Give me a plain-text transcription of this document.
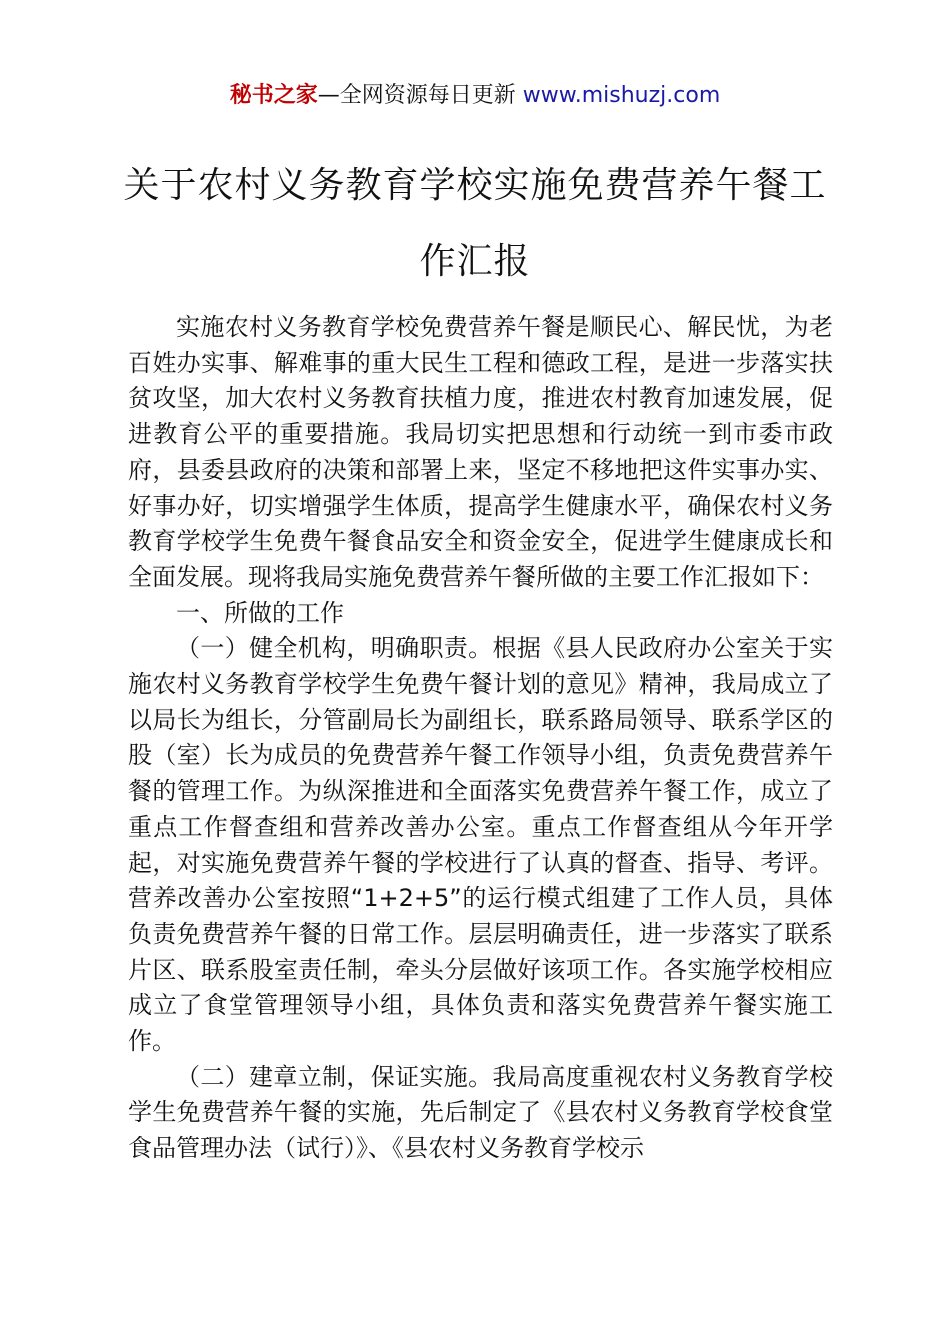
秘书之家—全网资源每日更新 www.mishuzj.com
关于农村义务教育学校实施免费营养午餐工
作汇报

实施农村义务教育学校免费营养午餐是顺民心、解民忧，为老百姓办实事、解难事的重大民生工程和德政工程，是进一步落实扶贫攻坚，加大农村义务教育扶植力度，推进农村教育加速发展，促进教育公平的重要措施。我局切实把思想和行动统一到市委市政府，县委县政府的决策和部署上来，坚定不移地把这件实事办实、好事办好，切实增强学生体质，提高学生健康水平，确保农村义务教育学校学生免费午餐食品安全和资金安全，促进学生健康成长和全面发展。现将我局实施免费营养午餐所做的主要工作汇报如下：

一、所做的工作

（一）健全机构，明确职责。根据《县人民政府办公室关于实施农村义务教育学校学生免费午餐计划的意见》精神，我局成立了以局长为组长，分管副局长为副组长，联系路局领导、联系学区的股（室）长为成员的免费营养午餐工作领导小组，负责免费营养午餐的管理工作。为纵深推进和全面落实免费营养午餐工作，成立了重点工作督查组和营养改善办公室。重点工作督查组从今年开学起，对实施免费营养午餐的学校进行了认真的督查、指导、考评。营养改善办公室按照“1+2+5”的运行模式组建了工作人员，具体负责免费营养午餐的日常工作。层层明确责任，进一步落实了联系片区、联系股室责任制，牵头分层做好该项工作。各实施学校相应成立了食堂管理领导小组，具体负责和落实免费营养午餐实施工作。

（二）建章立制，保证实施。我局高度重视农村义务教育学校学生免费营养午餐的实施，先后制定了《县农村义务教育学校食堂食品管理办法（试行）》、《县农村义务教育学校示
